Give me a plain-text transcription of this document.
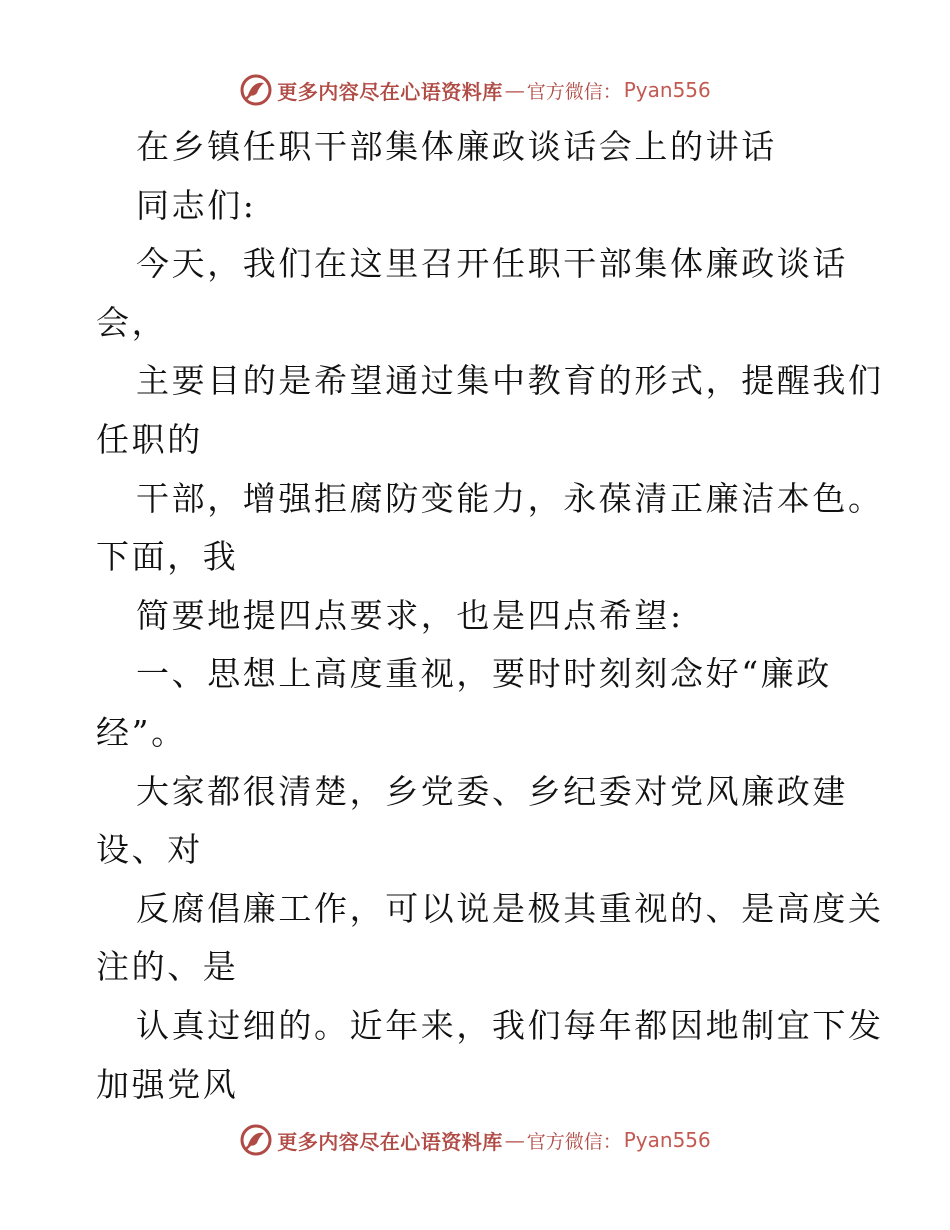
更多内容尽在心语资料库 — 官方微信： Pyan556
在乡镇任职干部集体廉政谈话会上的讲话
同志们:
今天，我们在这里召开任职干部集体廉政谈话
会，
主要目的是希望通过集中教育的形式，提醒我们
任职的
干部，增强拒腐防变能力，永葆清正廉洁本色。
下面，我
简要地提四点要求，也是四点希望:
一、思想上高度重视，要时时刻刻念好“廉政
经”。
大家都很清楚，乡党委、乡纪委对党风廉政建
设、对
反腐倡廉工作，可以说是极其重视的、是高度关
注的、是
认真过细的。近年来，我们每年都因地制宜下发
加强党风
更多内容尽在心语资料库 — 官方微信： Pyan556
